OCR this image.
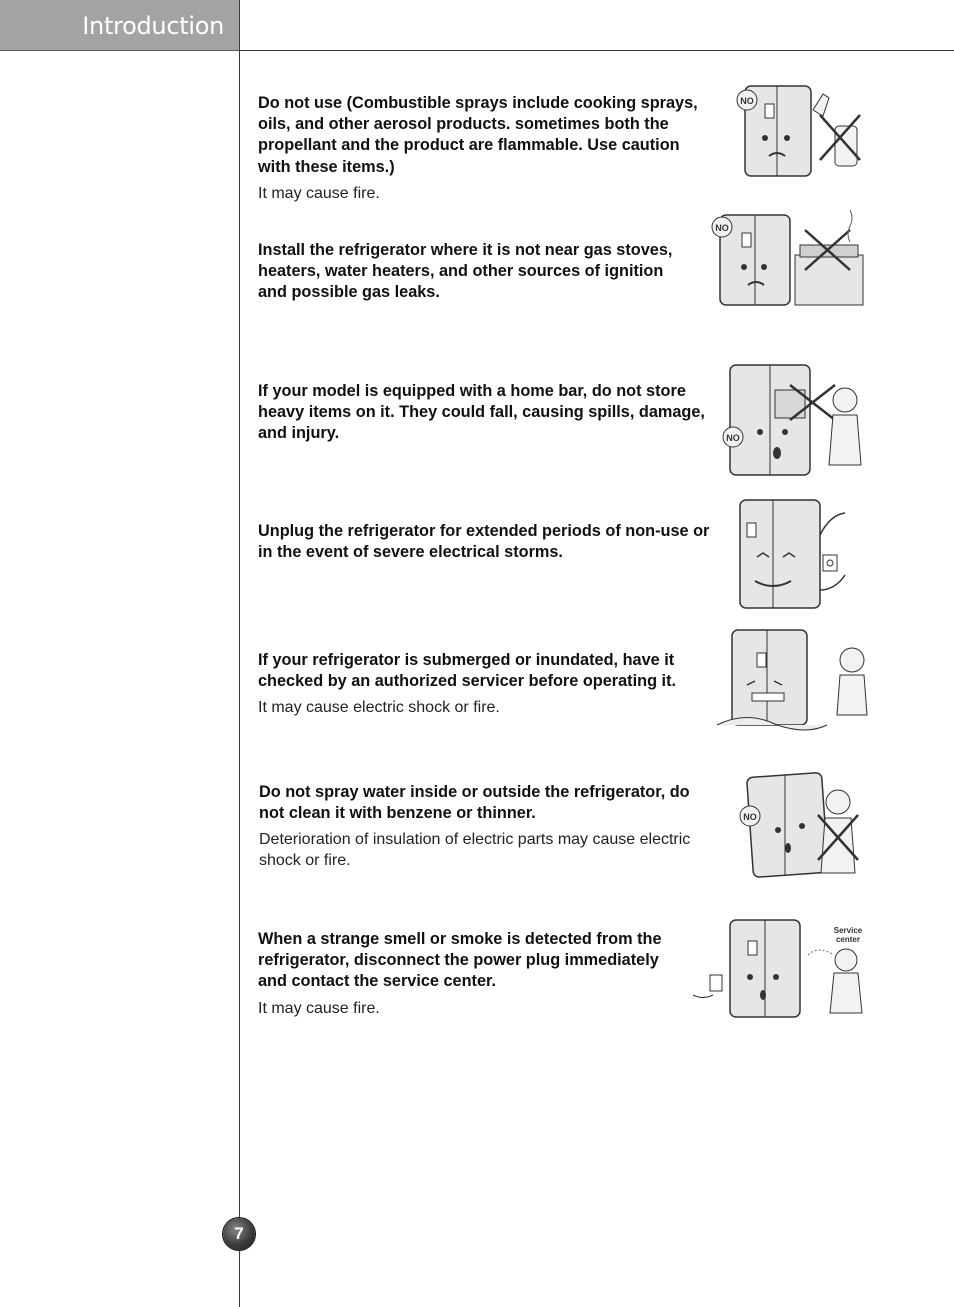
Introduction

Do not use (Combustible sprays include cooking sprays, oils, and other aerosol products. sometimes both the propellant and the product are flammable. Use caution with these items.)

It may cause fire.
NO

Install the refrigerator where it is not near gas stoves, heaters, water heaters, and other sources of ignition and possible gas leaks.

NO

If your model is equipped with a home bar, do not store heavy items on it. They could fall, causing spills, damage, and injury.	NO

Unplug the refrigerator for extended periods of non-use or in the event of severe electrical storms.

If your refrigerator is submerged or inundated, have it checked by an authorized servicer before operating it.

It may cause electric shock or fire.

Do not spray water inside or outside the refrigerator, do not clean it with benzene or thinner.

Deterioration of insulation of electric parts may cause electric shock or fire.
NO

When a strange smell or smoke is detected from the refrigerator, disconnect the power plug immediately and contact the service center.

It may cause fire.
Service
center
7
